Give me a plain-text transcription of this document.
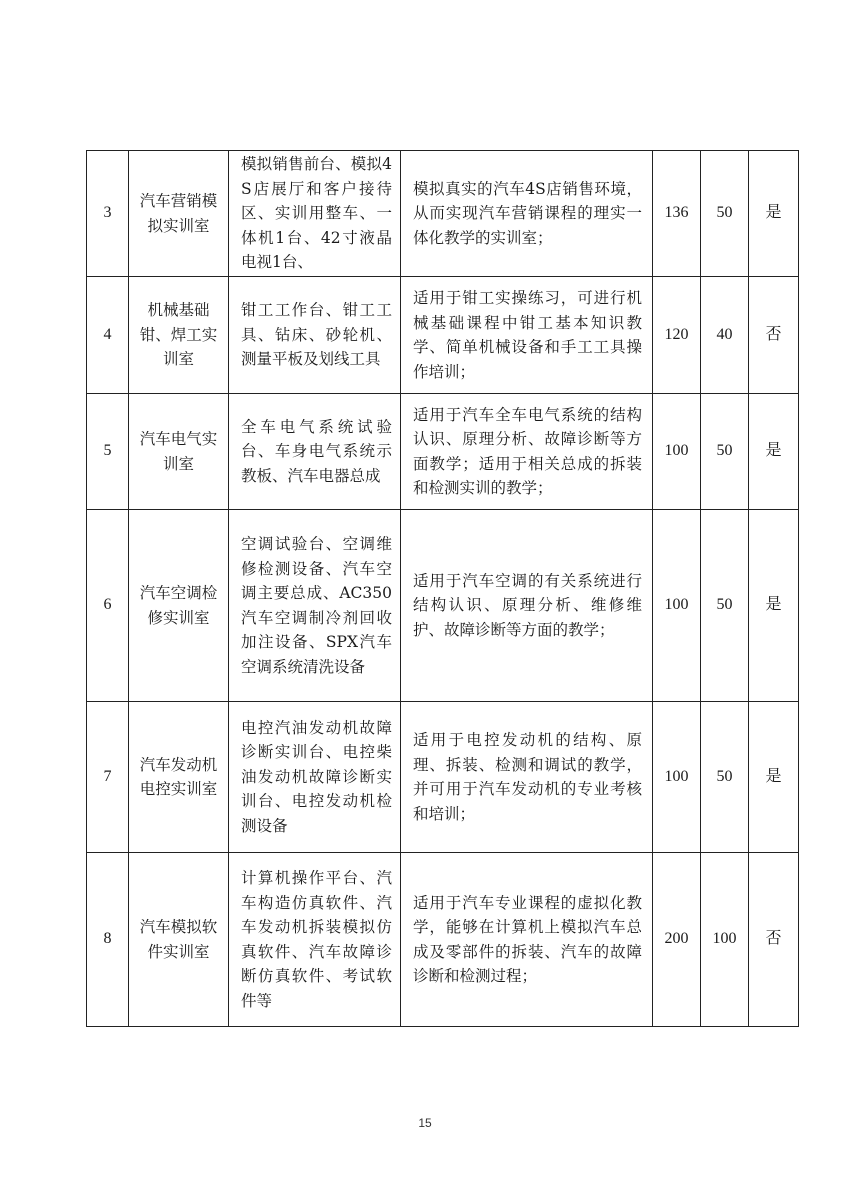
3	汽车营销模拟实训室	模拟销售前台、模拟4S店展厅和客户接待区、实训用整车、一体机1台、42寸液晶电视1台、	模拟真实的汽车4S店销售环境，从而实现汽车营销课程的理实一体化教学的实训室；	136	50	是
4	机械基础钳、焊工实训室	钳工工作台、钳工工具、钻床、砂轮机、测量平板及划线工具	适用于钳工实操练习，可进行机械基础课程中钳工基本知识教学、简单机械设备和手工工具操作培训；	120	40	否
5	汽车电气实训室	全车电气系统试验台、车身电气系统示教板、汽车电器总成	适用于汽车全车电气系统的结构认识、原理分析、故障诊断等方面教学；适用于相关总成的拆装和检测实训的教学；	100	50	是
6	汽车空调检修实训室	空调试验台、空调维修检测设备、汽车空调主要总成、AC350汽车空调制冷剂回收加注设备、SPX汽车空调系统清洗设备	适用于汽车空调的有关系统进行结构认识、原理分析、维修维护、故障诊断等方面的教学；	100	50	是
7	汽车发动机电控实训室	电控汽油发动机故障诊断实训台、电控柴油发动机故障诊断实训台、电控发动机检测设备	适用于电控发动机的结构、原理、拆装、检测和调试的教学，并可用于汽车发动机的专业考核和培训；	100	50	是
8	汽车模拟软件实训室	计算机操作平台、汽车构造仿真软件、汽车发动机拆装模拟仿真软件、汽车故障诊断仿真软件、考试软件等	适用于汽车专业课程的虚拟化教学，能够在计算机上模拟汽车总成及零部件的拆装、汽车的故障诊断和检测过程；	200	100	否
15
